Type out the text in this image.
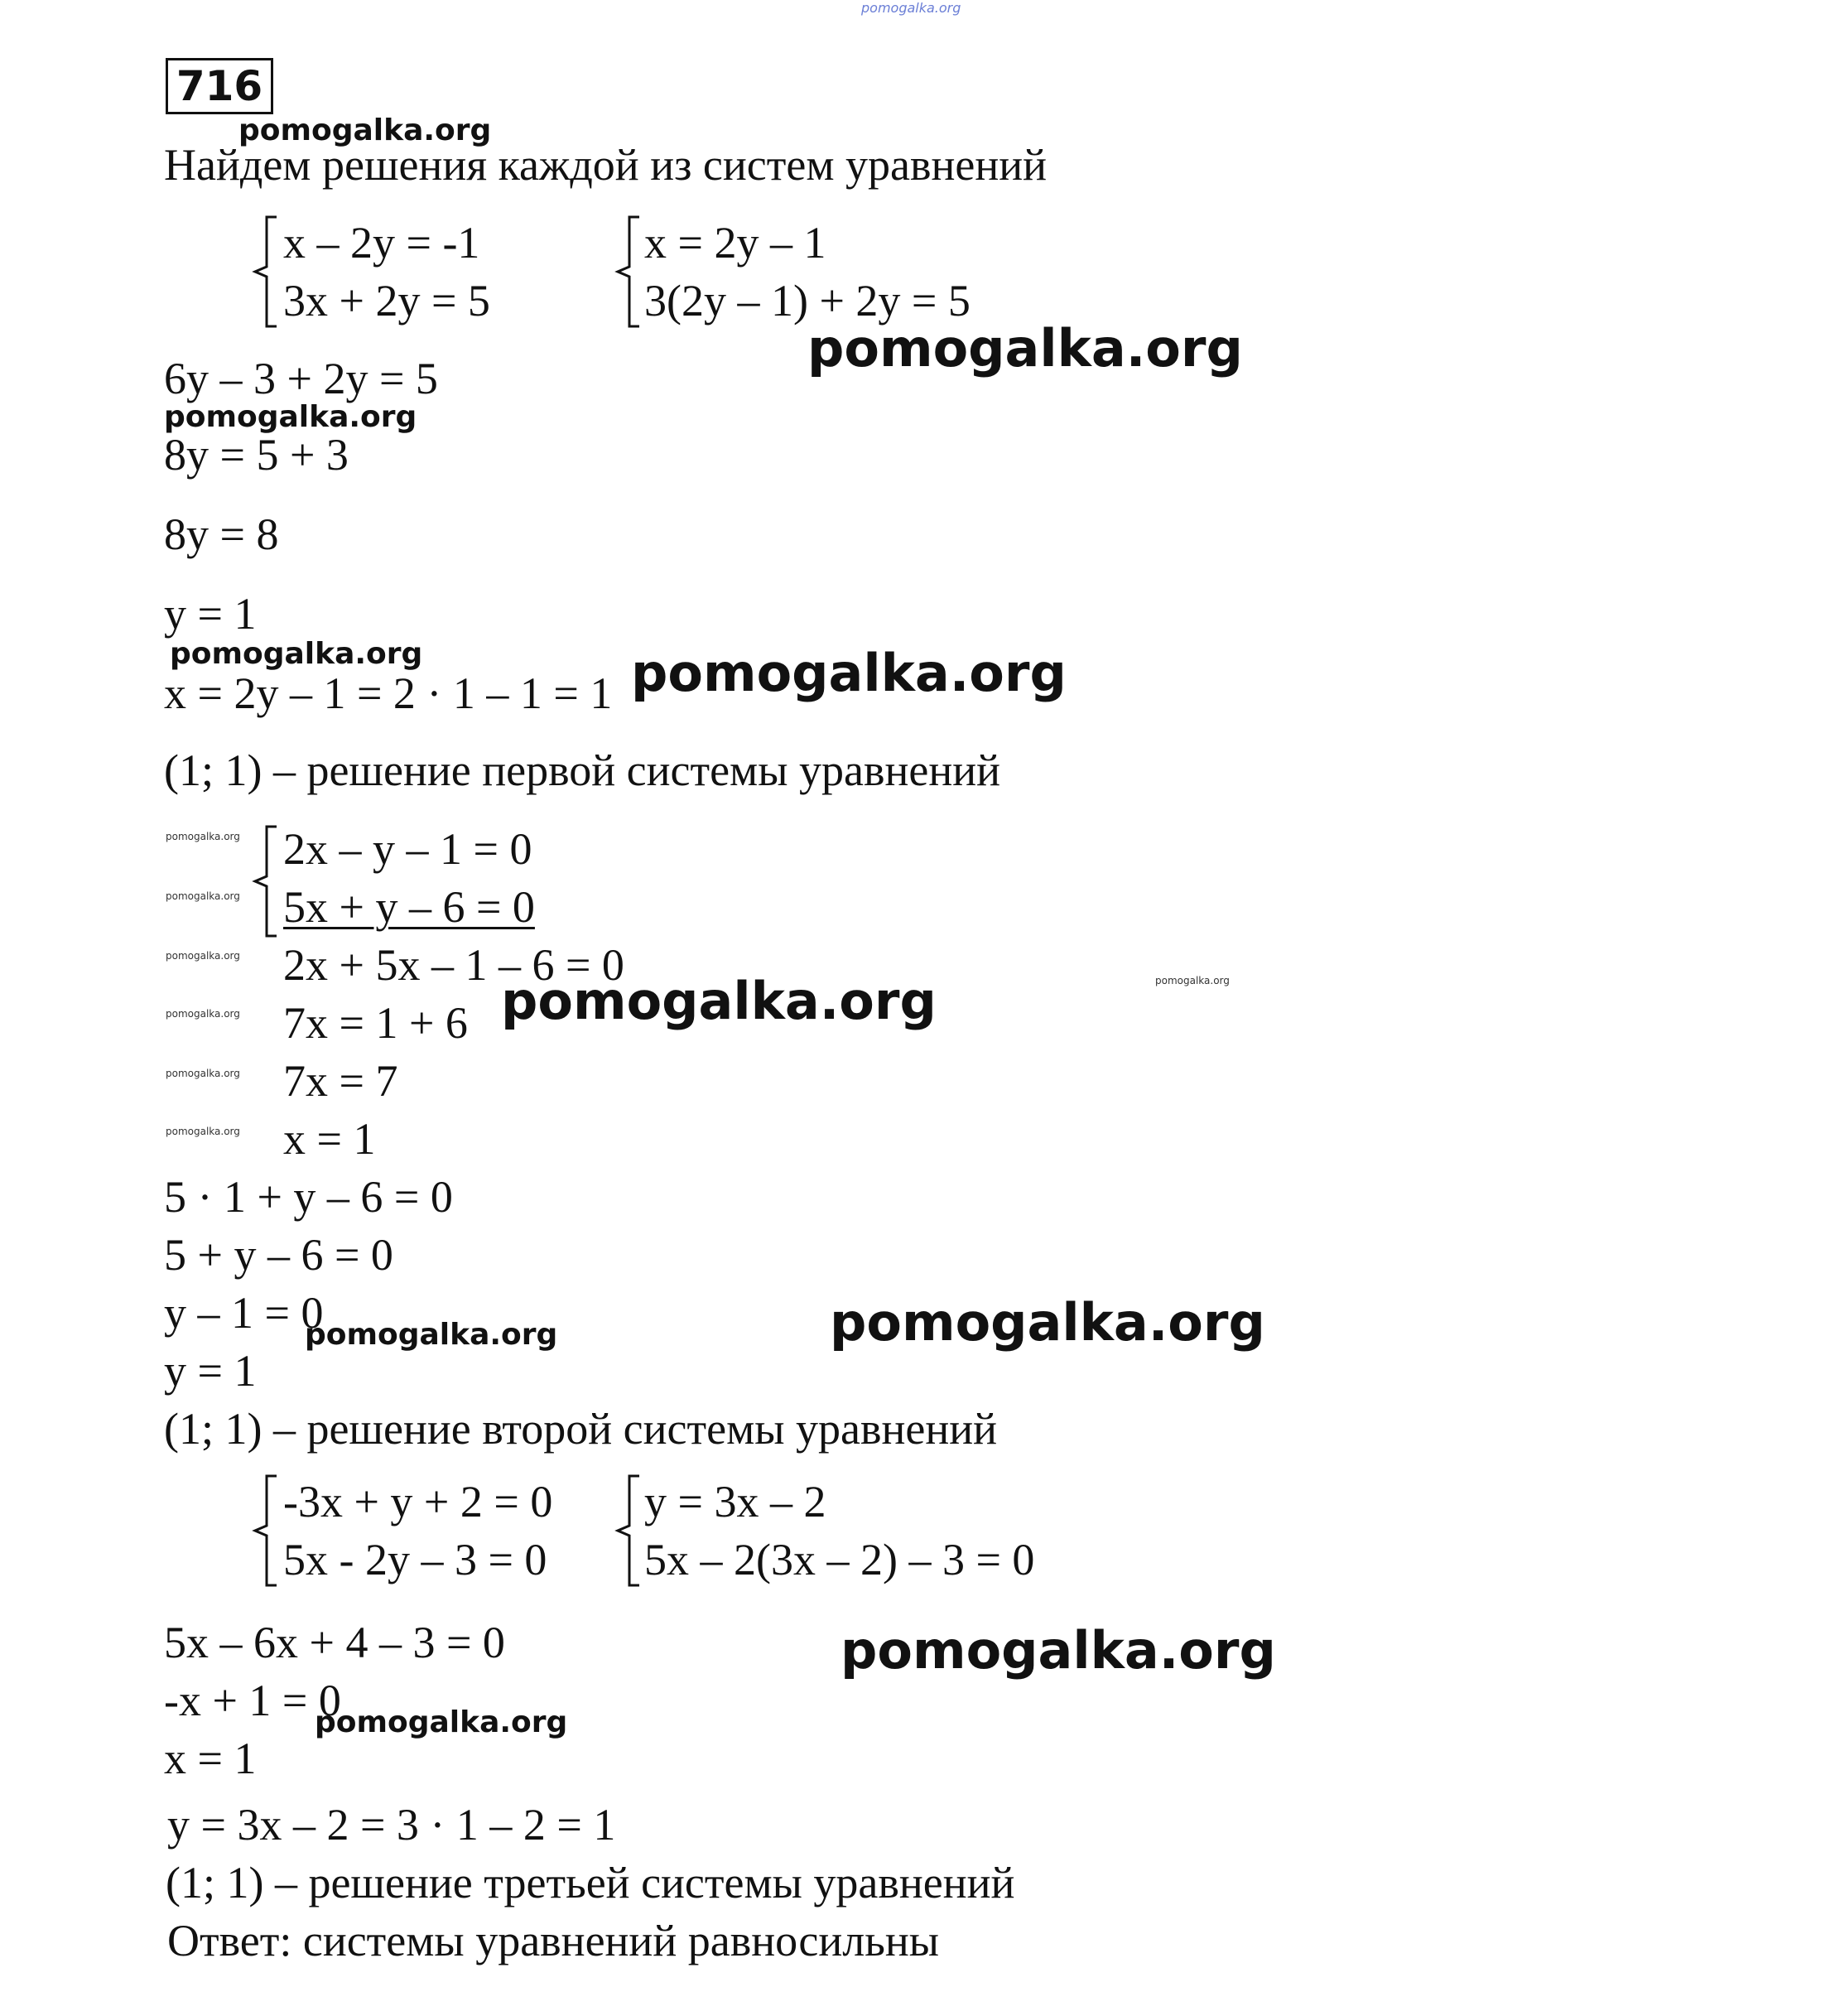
pomogalka.org
716
pomogalka.org
Найдем решения каждой из систем уравнений
x – 2y = -1
3x + 2y = 5
x = 2y – 1
3(2y – 1) + 2y = 5
pomogalka.org
6y – 3 + 2y = 5
pomogalka.org
8y = 5 + 3
8y = 8
y = 1
pomogalka.org
x = 2y – 1 = 2 · 1 – 1 = 1 pomogalka.org
(1; 1) – решение первой системы уравнений
pomogalka.org
pomogalka.org
pomogalka.org
pomogalka.org
pomogalka.org
pomogalka.org
2x – y – 1 = 0
5x + y – 6 = 0
2x + 5x – 1 – 6 = 0
pomogalka.org	pomogalka.org
7x = 1 + 6
7x = 7
x = 1
5 · 1 + y – 6 = 0
5 + y – 6 = 0
y – 1 = 0
pomogalka.org	pomogalka.org
y = 1
(1; 1) – решение второй системы уравнений
-3x + y + 2 = 0
5x - 2y – 3 = 0
y = 3x – 2
5x – 2(3x – 2) – 3 = 0
5x – 6x + 4 – 3 = 0	pomogalka.org
-x + 1 = 0
pomogalka.org
x = 1
y = 3x – 2 = 3 · 1 – 2 = 1
(1; 1) – решение третьей системы уравнений
Ответ: системы уравнений равносильны
